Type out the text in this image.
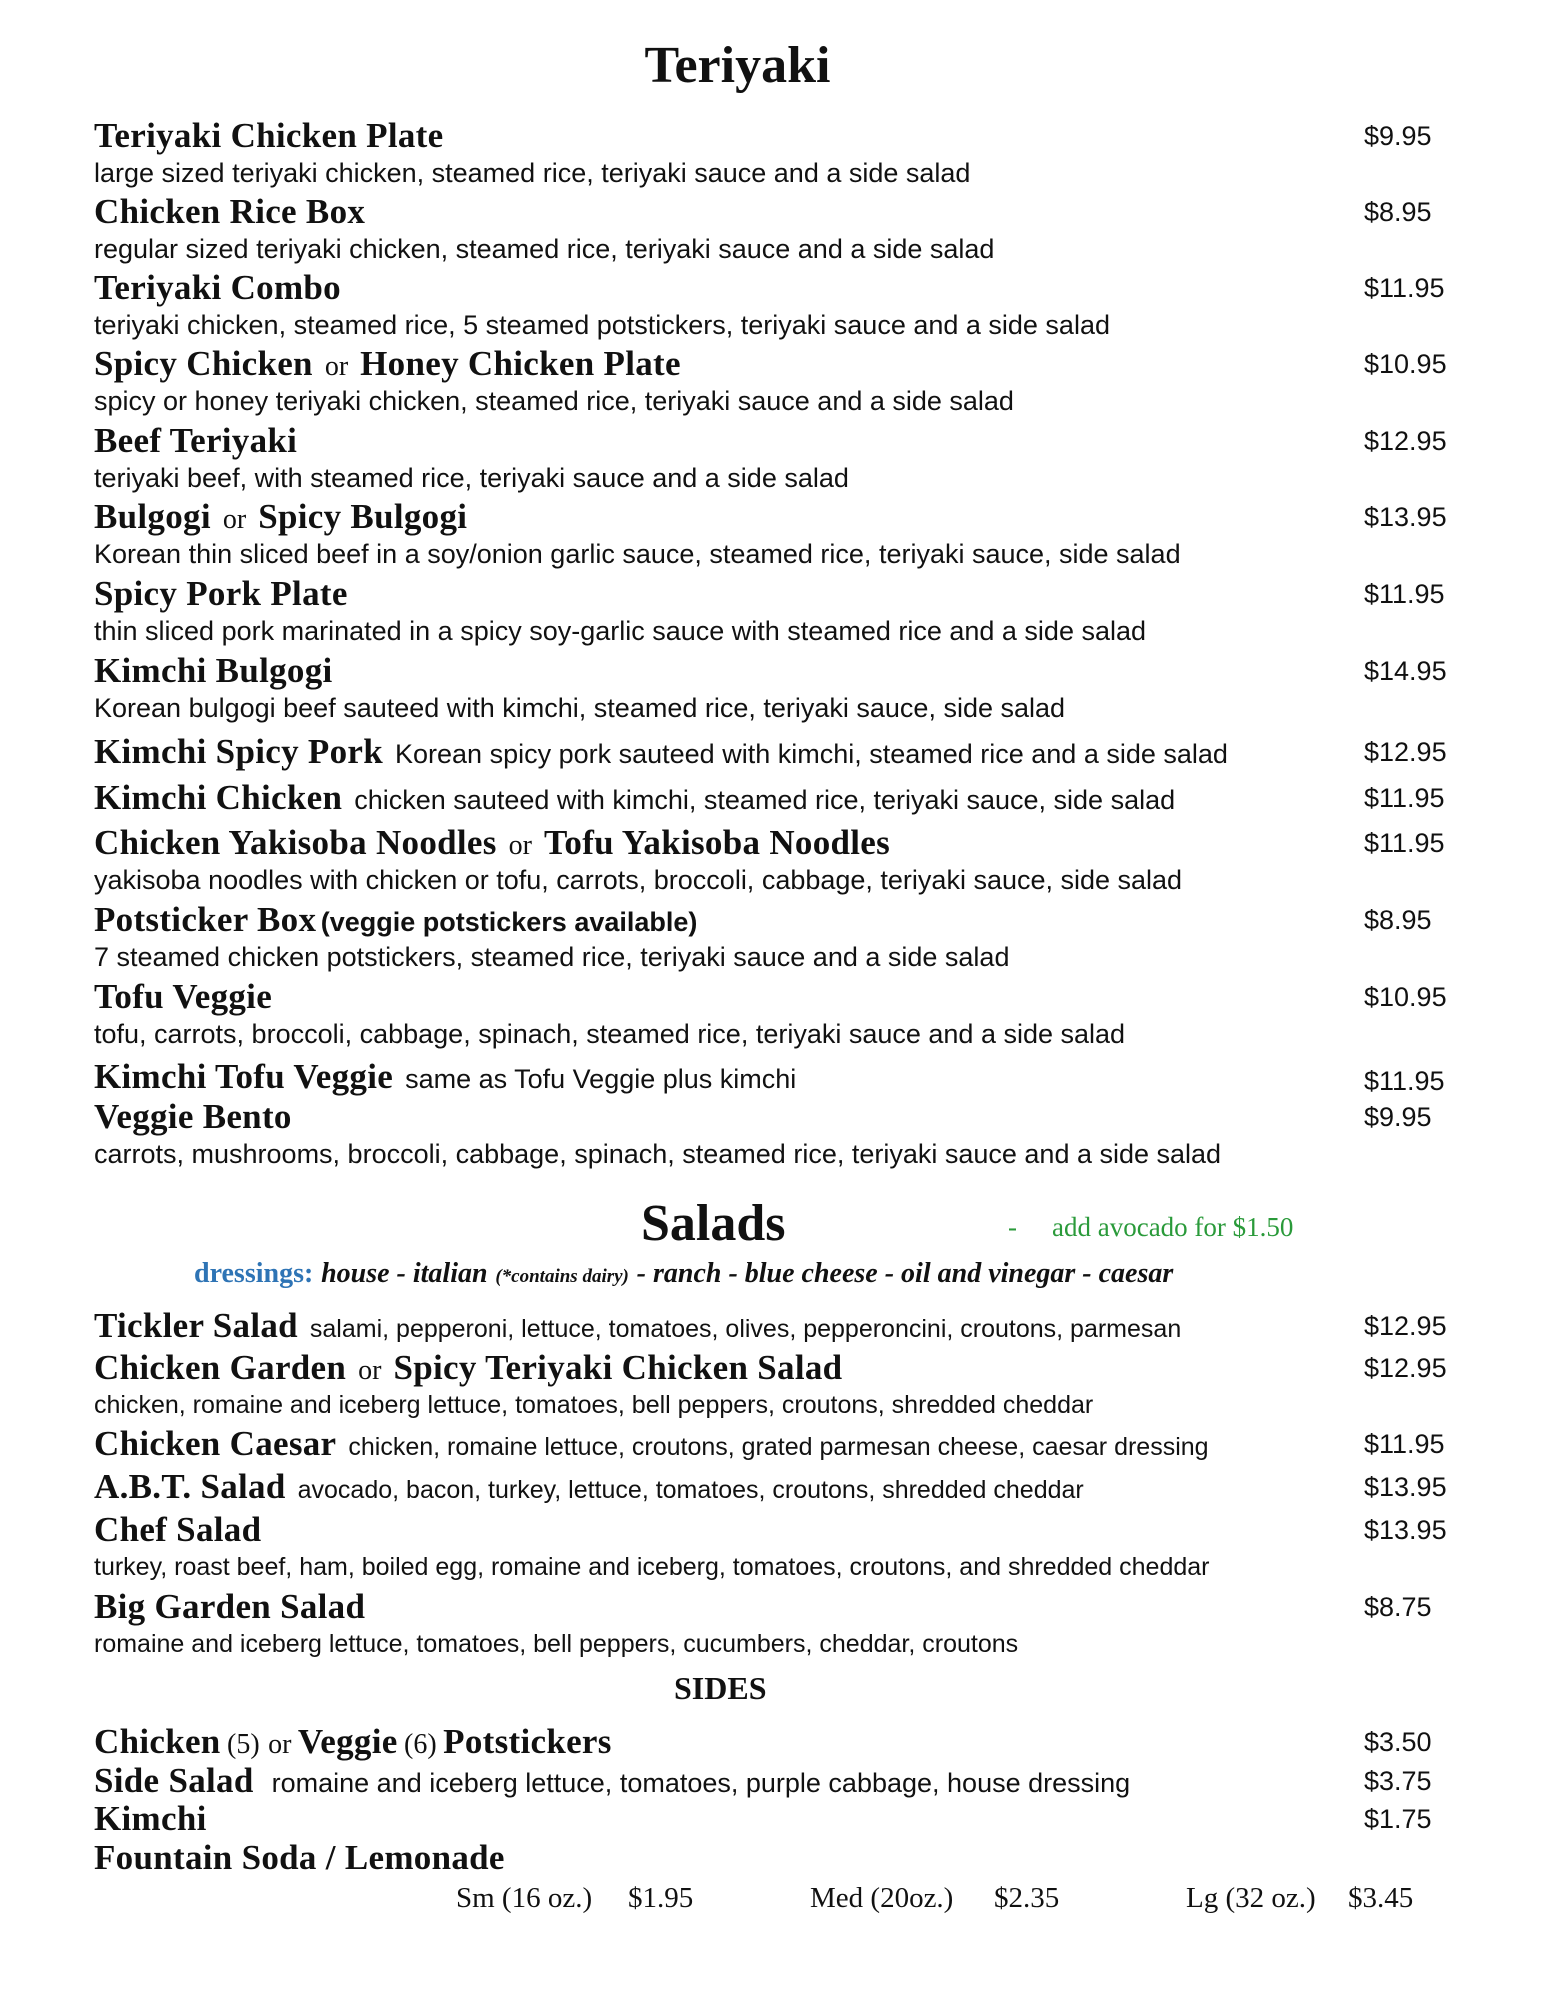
Teriyaki
Teriyaki Chicken Plate	$9.95
large sized teriyaki chicken, steamed rice, teriyaki sauce and a side salad
Chicken Rice Box	$8.95
regular sized teriyaki chicken, steamed rice, teriyaki sauce and a side salad
Teriyaki Combo	$11.95
teriyaki chicken, steamed rice, 5 steamed potstickers, teriyaki sauce and a side salad
Spicy Chicken or Honey Chicken Plate	$10.95
spicy or honey teriyaki chicken, steamed rice, teriyaki sauce and a side salad
Beef Teriyaki	$12.95
teriyaki beef, with steamed rice, teriyaki sauce and a side salad
Bulgogi or Spicy Bulgogi	$13.95
Korean thin sliced beef in a soy/onion garlic sauce, steamed rice, teriyaki sauce, side salad
Spicy Pork Plate	$11.95
thin sliced pork marinated in a spicy soy-garlic sauce with steamed rice and a side salad
Kimchi Bulgogi	$14.95
Korean bulgogi beef sauteed with kimchi, steamed rice, teriyaki sauce, side salad
Kimchi Spicy Pork Korean spicy pork sauteed with kimchi, steamed rice and a side salad	$12.95
Kimchi Chicken chicken sauteed with kimchi, steamed rice, teriyaki sauce, side salad	$11.95
Chicken Yakisoba Noodles or Tofu Yakisoba Noodles	$11.95
yakisoba noodles with chicken or tofu, carrots, broccoli, cabbage, teriyaki sauce, side salad
Potsticker Box (veggie potstickers available)	$8.95
7 steamed chicken potstickers, steamed rice, teriyaki sauce and a side salad
Tofu Veggie	$10.95
tofu, carrots, broccoli, cabbage, spinach, steamed rice, teriyaki sauce and a side salad
Kimchi Tofu Veggie same as Tofu Veggie plus kimchi	$11.95
Veggie Bento	$9.95
carrots, mushrooms, broccoli, cabbage, spinach, steamed rice, teriyaki sauce and a side salad
Salads	- add avocado for $1.50
dressings: house - italian (*contains dairy) - ranch - blue cheese - oil and vinegar - caesar
Tickler Salad salami, pepperoni, lettuce, tomatoes, olives, pepperoncini, croutons, parmesan	$12.95
Chicken Garden or Spicy Teriyaki Chicken Salad	$12.95
chicken, romaine and iceberg lettuce, tomatoes, bell peppers, croutons, shredded cheddar
Chicken Caesar chicken, romaine lettuce, croutons, grated parmesan cheese, caesar dressing	$11.95
A.B.T. Salad avocado, bacon, turkey, lettuce, tomatoes, croutons, shredded cheddar	$13.95
Chef Salad	$13.95
turkey, roast beef, ham, boiled egg, romaine and iceberg, tomatoes, croutons, and shredded cheddar
Big Garden Salad	$8.75
romaine and iceberg lettuce, tomatoes, bell peppers, cucumbers, cheddar, croutons
SIDES
Chicken (5) or Veggie (6) Potstickers	$3.50
Side Salad romaine and iceberg lettuce, tomatoes, purple cabbage, house dressing	$3.75
Kimchi	$1.75
Fountain Soda / Lemonade
Sm (16 oz.) $1.95	Med (20oz.) $2.35	Lg (32 oz.) $3.45
